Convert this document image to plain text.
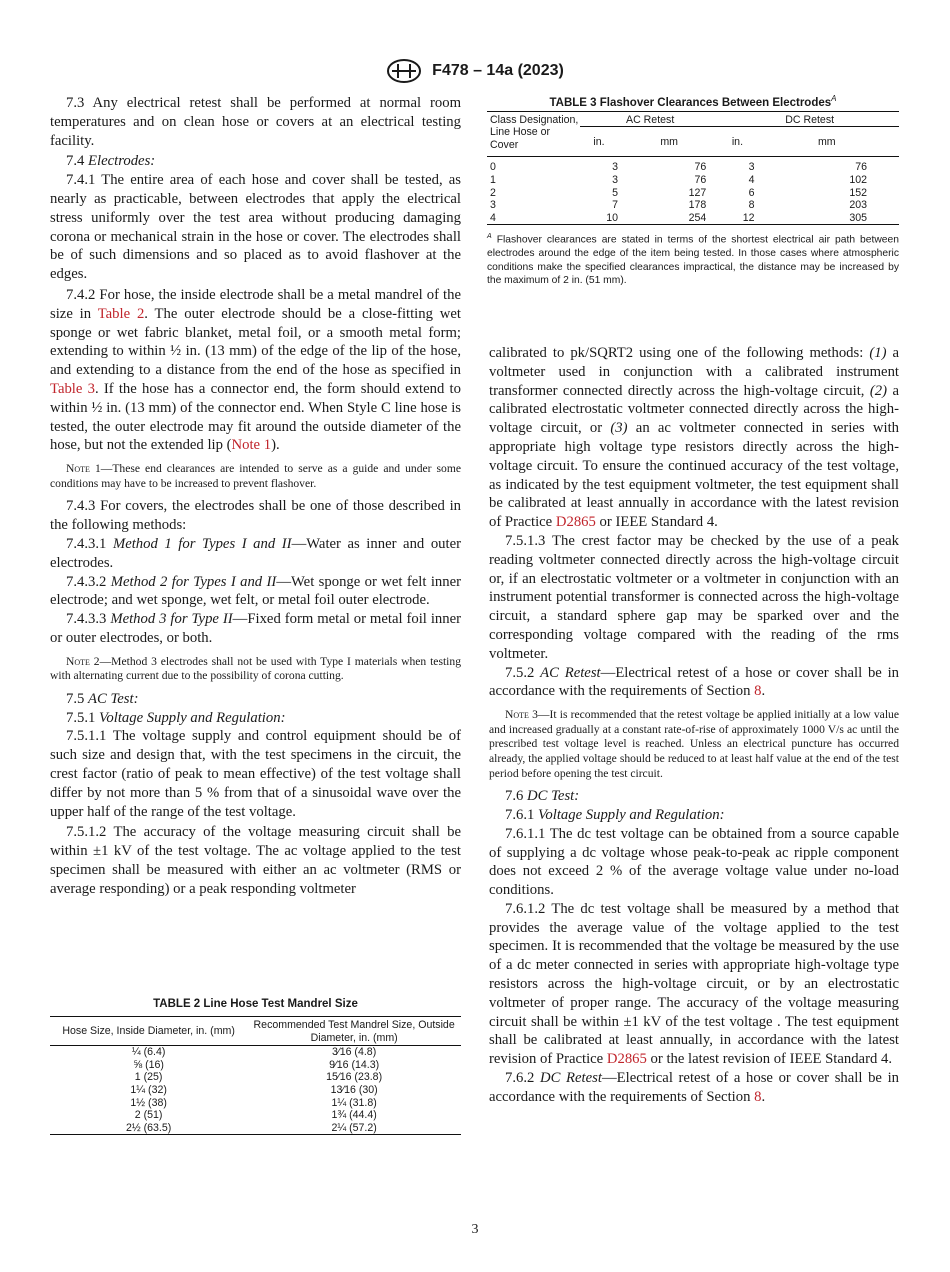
F478 – 14a (2023)

7.3 Any electrical retest shall be performed at normal room temperatures and on clean hose or covers at an electrical testing facility.

7.4 Electrodes:

7.4.1 The entire area of each hose and cover shall be tested, as nearly as practicable, between electrodes that apply the electrical stress uniformly over the test area without producing damaging corona or mechanical strain in the hose or cover. The electrodes shall be of such dimensions and so placed as to avoid flashover at the edges.

7.4.2 For hose, the inside electrode shall be a metal mandrel of the size in Table 2. The outer electrode should be a close-fitting wet sponge or wet fabric blanket, metal foil, or a smooth metal form; extending to within ½ in. (13 mm) of the edge of the lip of the hose, and extending to a distance from the end of the hose as specified in Table 3. If the hose has a connector end, the form should extend to within ½ in. (13 mm) of the connector end. When Style C line hose is tested, the outer electrode may fit around the outside diameter of the hose, but not the extended lip (Note 1).

Note 1—These end clearances are intended to serve as a guide and under some conditions may have to be increased to prevent flashover.

7.4.3 For covers, the electrodes shall be one of those described in the following methods:

7.4.3.1 Method 1 for Types I and II—Water as inner and outer electrodes.

7.4.3.2 Method 2 for Types I and II—Wet sponge or wet felt inner electrode; and wet sponge, wet felt, or metal foil outer electrode.

7.4.3.3 Method 3 for Type II—Fixed form metal or metal foil inner or outer electrodes, or both.

Note 2—Method 3 electrodes shall not be used with Type I materials when testing with alternating current due to the possibility of corona cutting.

7.5 AC Test:

7.5.1 Voltage Supply and Regulation:

7.5.1.1 The voltage supply and control equipment should be of such size and design that, with the test specimens in the circuit, the crest factor (ratio of peak to mean effective) of the test voltage shall differ by not more than 5 % from that of a sinusoidal wave over the upper half of the range of the test voltage.

7.5.1.2 The accuracy of the voltage measuring circuit shall be within ±1 kV of the test voltage. The ac voltage applied to the test specimen shall be measured with either an ac voltmeter (RMS or average responding) or a peak responding voltmeter

TABLE 3 Flashover Clearances Between Electrodes$^A$
Class Designation, Line Hose or Cover	AC Retest		DC Retest	
	in.	mm	in.	mm

0	3	76	3	76
1	3	76	4	102
2	5	127	6	152
3	7	178	8	203
4	10	254	12	305
$^A$ Flashover clearances are stated in terms of the shortest electrical air path between electrodes around the edge of the item being tested. In those cases where atmospheric conditions make the specified clearances impractical, the distance may be increased by the maximum of 2 in. (51 mm).

calibrated to pk/SQRT2 using one of the following methods: (1) a voltmeter used in conjunction with a calibrated instrument transformer connected directly across the high-voltage circuit, (2) a calibrated electrostatic voltmeter connected directly across the high-voltage circuit, or (3) an ac voltmeter connected in series with appropriate high voltage type resistors directly across the high-voltage circuit. To ensure the continued accuracy of the test voltage, as indicated by the test equipment voltmeter, the test equipment shall be calibrated at least annually in accordance with the latest revision of Practice D2865 or IEEE Standard 4.

7.5.1.3 The crest factor may be checked by the use of a peak reading voltmeter connected directly across the high-voltage circuit or, if an electrostatic voltmeter or a voltmeter in conjunction with an instrument potential transformer is connected across the high-voltage circuit, a standard sphere gap may be sparked over and the corresponding voltage compared with the reading of the rms voltmeter.

7.5.2 AC Retest—Electrical retest of a hose or cover shall be in accordance with the requirements of Section 8.

Note 3—It is recommended that the retest voltage be applied initially at a low value and increased gradually at a constant rate-of-rise of approximately 1000 V/s ac until the prescribed test voltage level is reached. Unless an electrical puncture has occurred already, the applied voltage should be reduced to at least half value at the end of the test period before opening the test circuit.

7.6 DC Test:

7.6.1 Voltage Supply and Regulation:

7.6.1.1 The dc test voltage can be obtained from a source capable of supplying a dc voltage whose peak-to-peak ac ripple component does not exceed 2 % of the average voltage value under no-load conditions.

7.6.1.2 The dc test voltage shall be measured by a method that provides the average value of the voltage applied to the test specimen. It is recommended that the voltage be measured by the use of a dc meter connected in series with appropriate high-voltage type resistors across the high-voltage circuit, or by an electrostatic voltmeter of proper range. The accuracy of the voltage measuring circuit shall be within ±1 kV of the test voltage . The test equipment shall be calibrated at least annually, in accordance with the latest revision of Practice D2865 or the latest revision of IEEE Standard 4.

7.6.2 DC Retest—Electrical retest of a hose or cover shall be in accordance with the requirements of Section 8.

TABLE 2 Line Hose Test Mandrel Size
Hose Size, Inside Diameter, in. (mm)	Recommended Test Mandrel Size, Outside Diameter, in. (mm)
¼ (6.4)	3⁄16 (4.8)
⅝ (16)	9⁄16 (14.3)
1 (25)	15⁄16 (23.8)
1¼ (32)	13⁄16 (30)
1½ (38)	1¼ (31.8)
2 (51)	1¾ (44.4)
2½ (63.5)	2¼ (57.2)
3
